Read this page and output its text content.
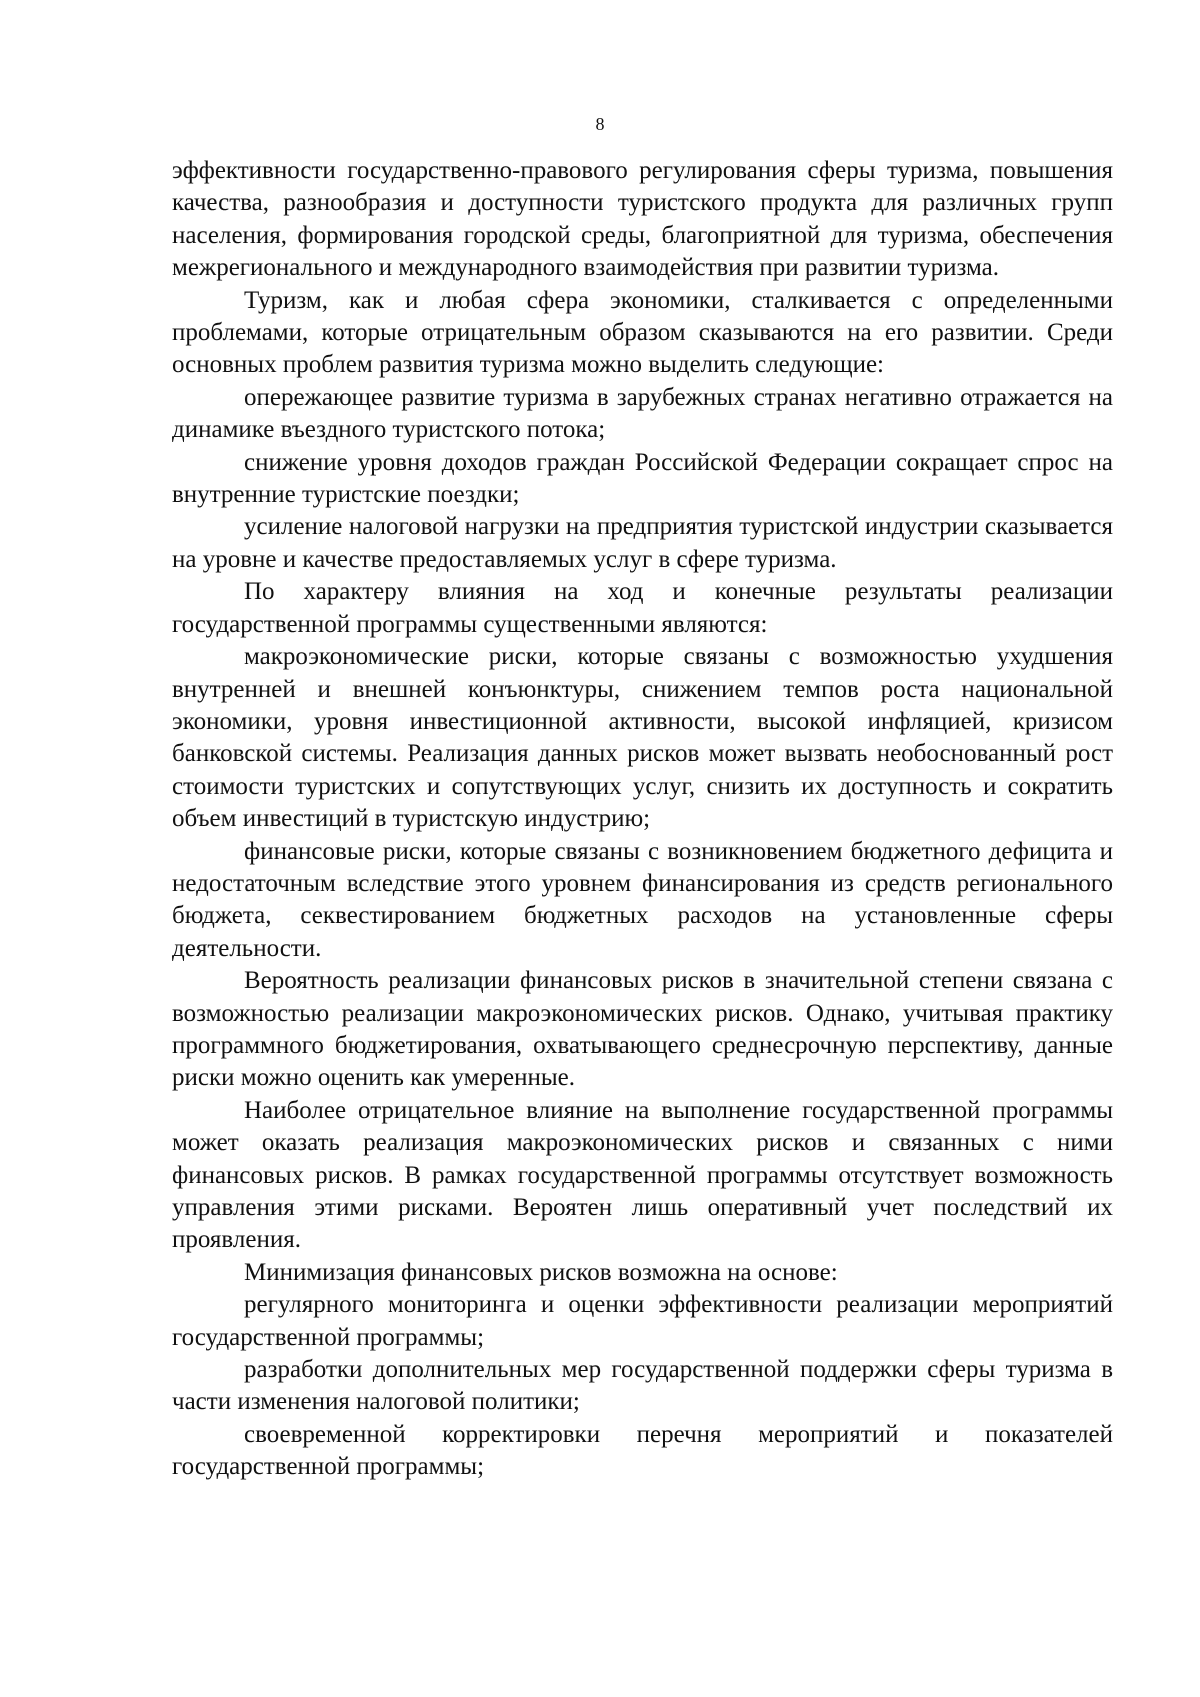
8

эффективности государственно-правового регулирования сферы туризма, повышения качества, разнообразия и доступности туристского продукта для различных групп населения, формирования городской среды, благоприятной для туризма, обеспечения межрегионального и международного взаимодействия при развитии туризма.

Туризм, как и любая сфера экономики, сталкивается с определенными проблемами, которые отрицательным образом сказываются на его развитии. Среди основных проблем развития туризма можно выделить следующие:

опережающее развитие туризма в зарубежных странах негативно отражается на динамике въездного туристского потока;

снижение уровня доходов граждан Российской Федерации сокращает спрос на внутренние туристские поездки;

усиление налоговой нагрузки на предприятия туристской индустрии сказывается на уровне и качестве предоставляемых услуг в сфере туризма.

По характеру влияния на ход и конечные результаты реализации государственной программы существенными являются:

макроэкономические риски, которые связаны с возможностью ухудшения внутренней и внешней конъюнктуры, снижением темпов роста национальной экономики, уровня инвестиционной активности, высокой инфляцией, кризисом банковской системы. Реализация данных рисков может вызвать необоснованный рост стоимости туристских и сопутствующих услуг, снизить их доступность и сократить объем инвестиций в туристскую индустрию;

финансовые риски, которые связаны с возникновением бюджетного дефицита и недостаточным вследствие этого уровнем финансирования из средств регионального бюджета, секвестированием бюджетных расходов на установленные сферы деятельности.

Вероятность реализации финансовых рисков в значительной степени связана с возможностью реализации макроэкономических рисков. Однако, учитывая практику программного бюджетирования, охватывающего среднесрочную перспективу, данные риски можно оценить как умеренные.

Наиболее отрицательное влияние на выполнение государственной программы может оказать реализация макроэкономических рисков и связанных с ними финансовых рисков. В рамках государственной программы отсутствует возможность управления этими рисками. Вероятен лишь оперативный учет последствий их проявления.

Минимизация финансовых рисков возможна на основе:

регулярного мониторинга и оценки эффективности реализации мероприятий государственной программы;

разработки дополнительных мер государственной поддержки сферы туризма в части изменения налоговой политики;

своевременной корректировки перечня мероприятий и показателей государственной программы;
